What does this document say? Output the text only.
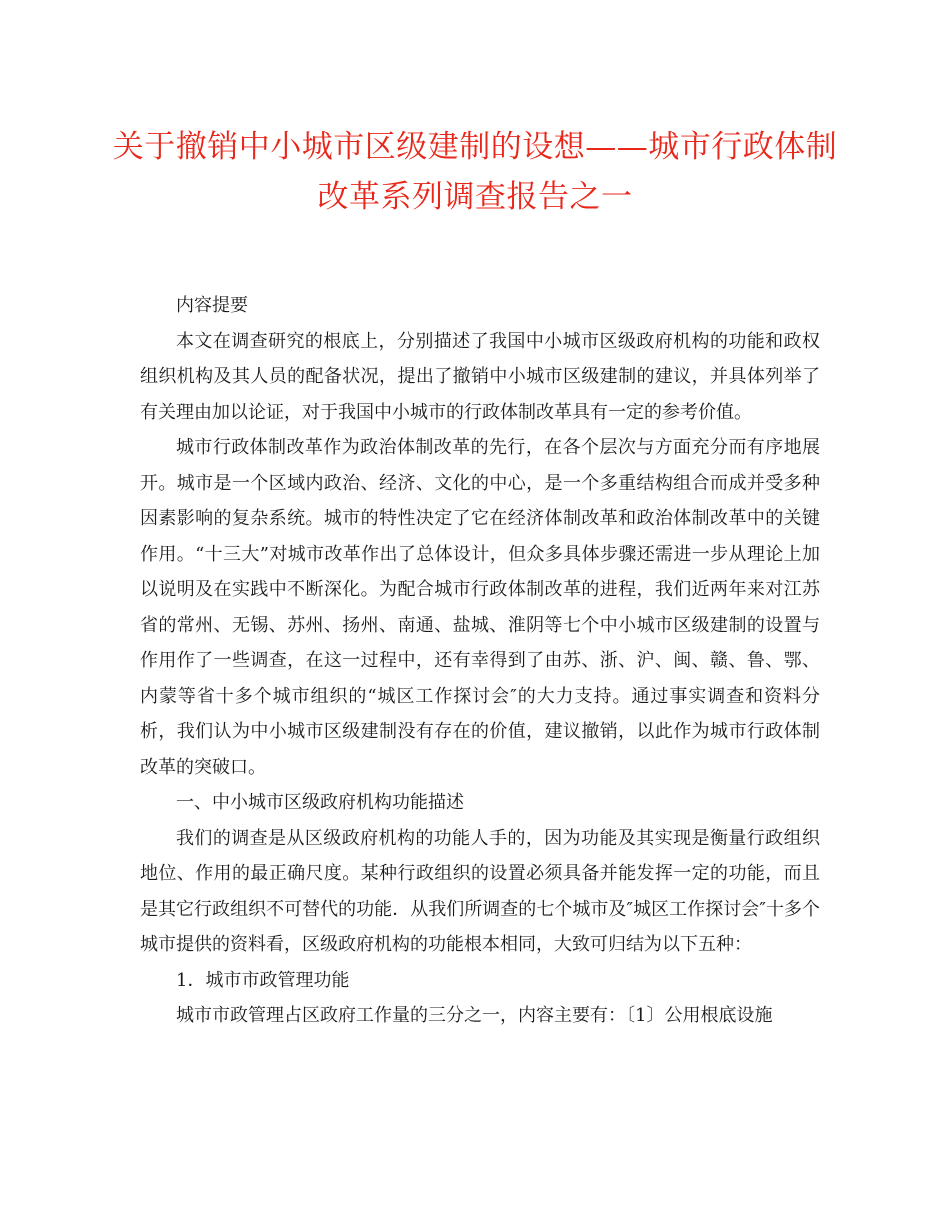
关于撤销中小城市区级建制的设想——城市行政体制改革系列调查报告之一

内容提要

本文在调查研究的根底上，分别描述了我国中小城市区级政府机构的功能和政权组织机构及其人员的配备状况，提出了撤销中小城市区级建制的建议，并具体列举了有关理由加以论证，对于我国中小城市的行政体制改革具有一定的参考价值。

城市行政体制改革作为政治体制改革的先行，在各个层次与方面充分而有序地展开。城市是一个区域内政治、经济、文化的中心，是一个多重结构组合而成并受多种因素影响的复杂系统。城市的特性决定了它在经济体制改革和政治体制改革中的关键作用。“十三大”对城市改革作出了总体设计，但众多具体步骤还需进一步从理论上加以说明及在实践中不断深化。为配合城市行政体制改革的进程，我们近两年来对江苏省的常州、无锡、苏州、扬州、南通、盐城、淮阴等七个中小城市区级建制的设置与作用作了一些调查，在这一过程中，还有幸得到了由苏、浙、沪、闽、赣、鲁、鄂、内蒙等省十多个城市组织的“城区工作探讨会″的大力支持。通过事实调查和资料分析，我们认为中小城市区级建制没有存在的价值，建议撤销，以此作为城市行政体制改革的突破口。

一、中小城市区级政府机构功能描述

我们的调查是从区级政府机构的功能人手的，因为功能及其实现是衡量行政组织地位、作用的最正确尺度。某种行政组织的设置必须具备并能发挥一定的功能，而且是其它行政组织不可替代的功能．从我们所调查的七个城市及″城区工作探讨会″十多个城市提供的资料看，区级政府机构的功能根本相同，大致可归结为以下五种：

1．城市市政管理功能

城市市政管理占区政府工作量的三分之一，内容主要有：〔1〕公用根底设施
